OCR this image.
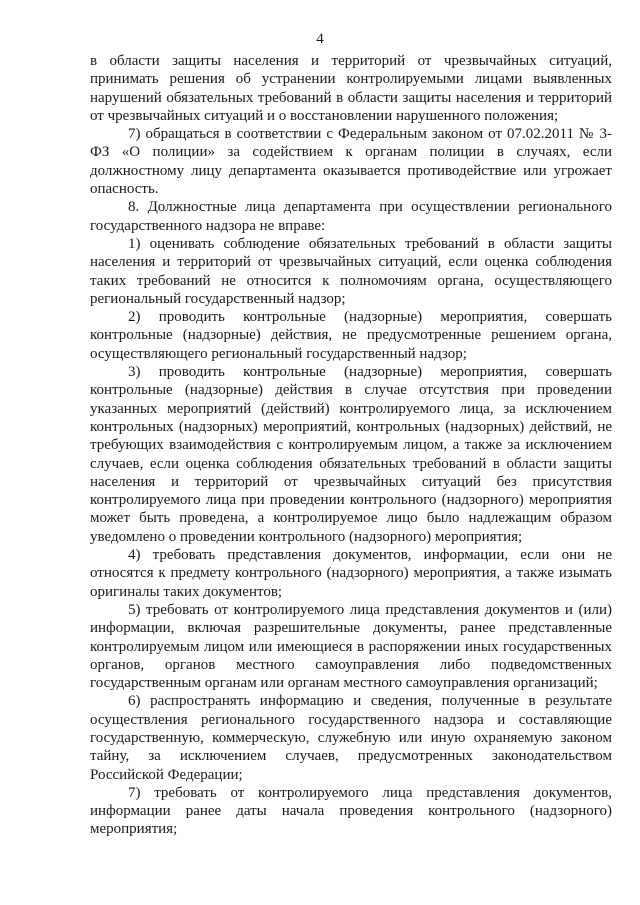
4

в области защиты населения и территорий от чрезвычайных ситуаций, принимать решения об устранении контролируемыми лицами выявленных нарушений обязательных требований в области защиты населения и территорий от чрезвычайных ситуаций и о восстановлении нарушенного положения;

7) обращаться в соответствии с Федеральным законом от 07.02.2011 № 3-ФЗ «О полиции» за содействием к органам полиции в случаях, если должностному лицу департамента оказывается противодействие или угрожает опасность.

8. Должностные лица департамента при осуществлении регионального государственного надзора не вправе:

1) оценивать соблюдение обязательных требований в области защиты населения и территорий от чрезвычайных ситуаций, если оценка соблюдения таких требований не относится к полномочиям органа, осуществляющего региональный государственный надзор;

2) проводить контрольные (надзорные) мероприятия, совершать контрольные (надзорные) действия, не предусмотренные решением органа, осуществляющего региональный государственный надзор;

3) проводить контрольные (надзорные) мероприятия, совершать контрольные (надзорные) действия в случае отсутствия при проведении указанных мероприятий (действий) контролируемого лица, за исключением контрольных (надзорных) мероприятий, контрольных (надзорных) действий, не требующих взаимодействия с контролируемым лицом, а также за исключением случаев, если оценка соблюдения обязательных требований в области защиты населения и территорий от чрезвычайных ситуаций без присутствия контролируемого лица при проведении контрольного (надзорного) мероприятия может быть проведена, а контролируемое лицо было надлежащим образом уведомлено о проведении контрольного (надзорного) мероприятия;

4) требовать представления документов, информации, если они не относятся к предмету контрольного (надзорного) мероприятия, а также изымать оригиналы таких документов;

5) требовать от контролируемого лица представления документов и (или) информации, включая разрешительные документы, ранее представленные контролируемым лицом или имеющиеся в распоряжении иных государственных органов, органов местного самоуправления либо подведомственных государственным органам или органам местного самоуправления организаций;

6) распространять информацию и сведения, полученные в результате осуществления регионального государственного надзора и составляющие государственную, коммерческую, служебную или иную охраняемую законом тайну, за исключением случаев, предусмотренных законодательством Российской Федерации;

7) требовать от контролируемого лица представления документов, информации ранее даты начала проведения контрольного (надзорного) мероприятия;
